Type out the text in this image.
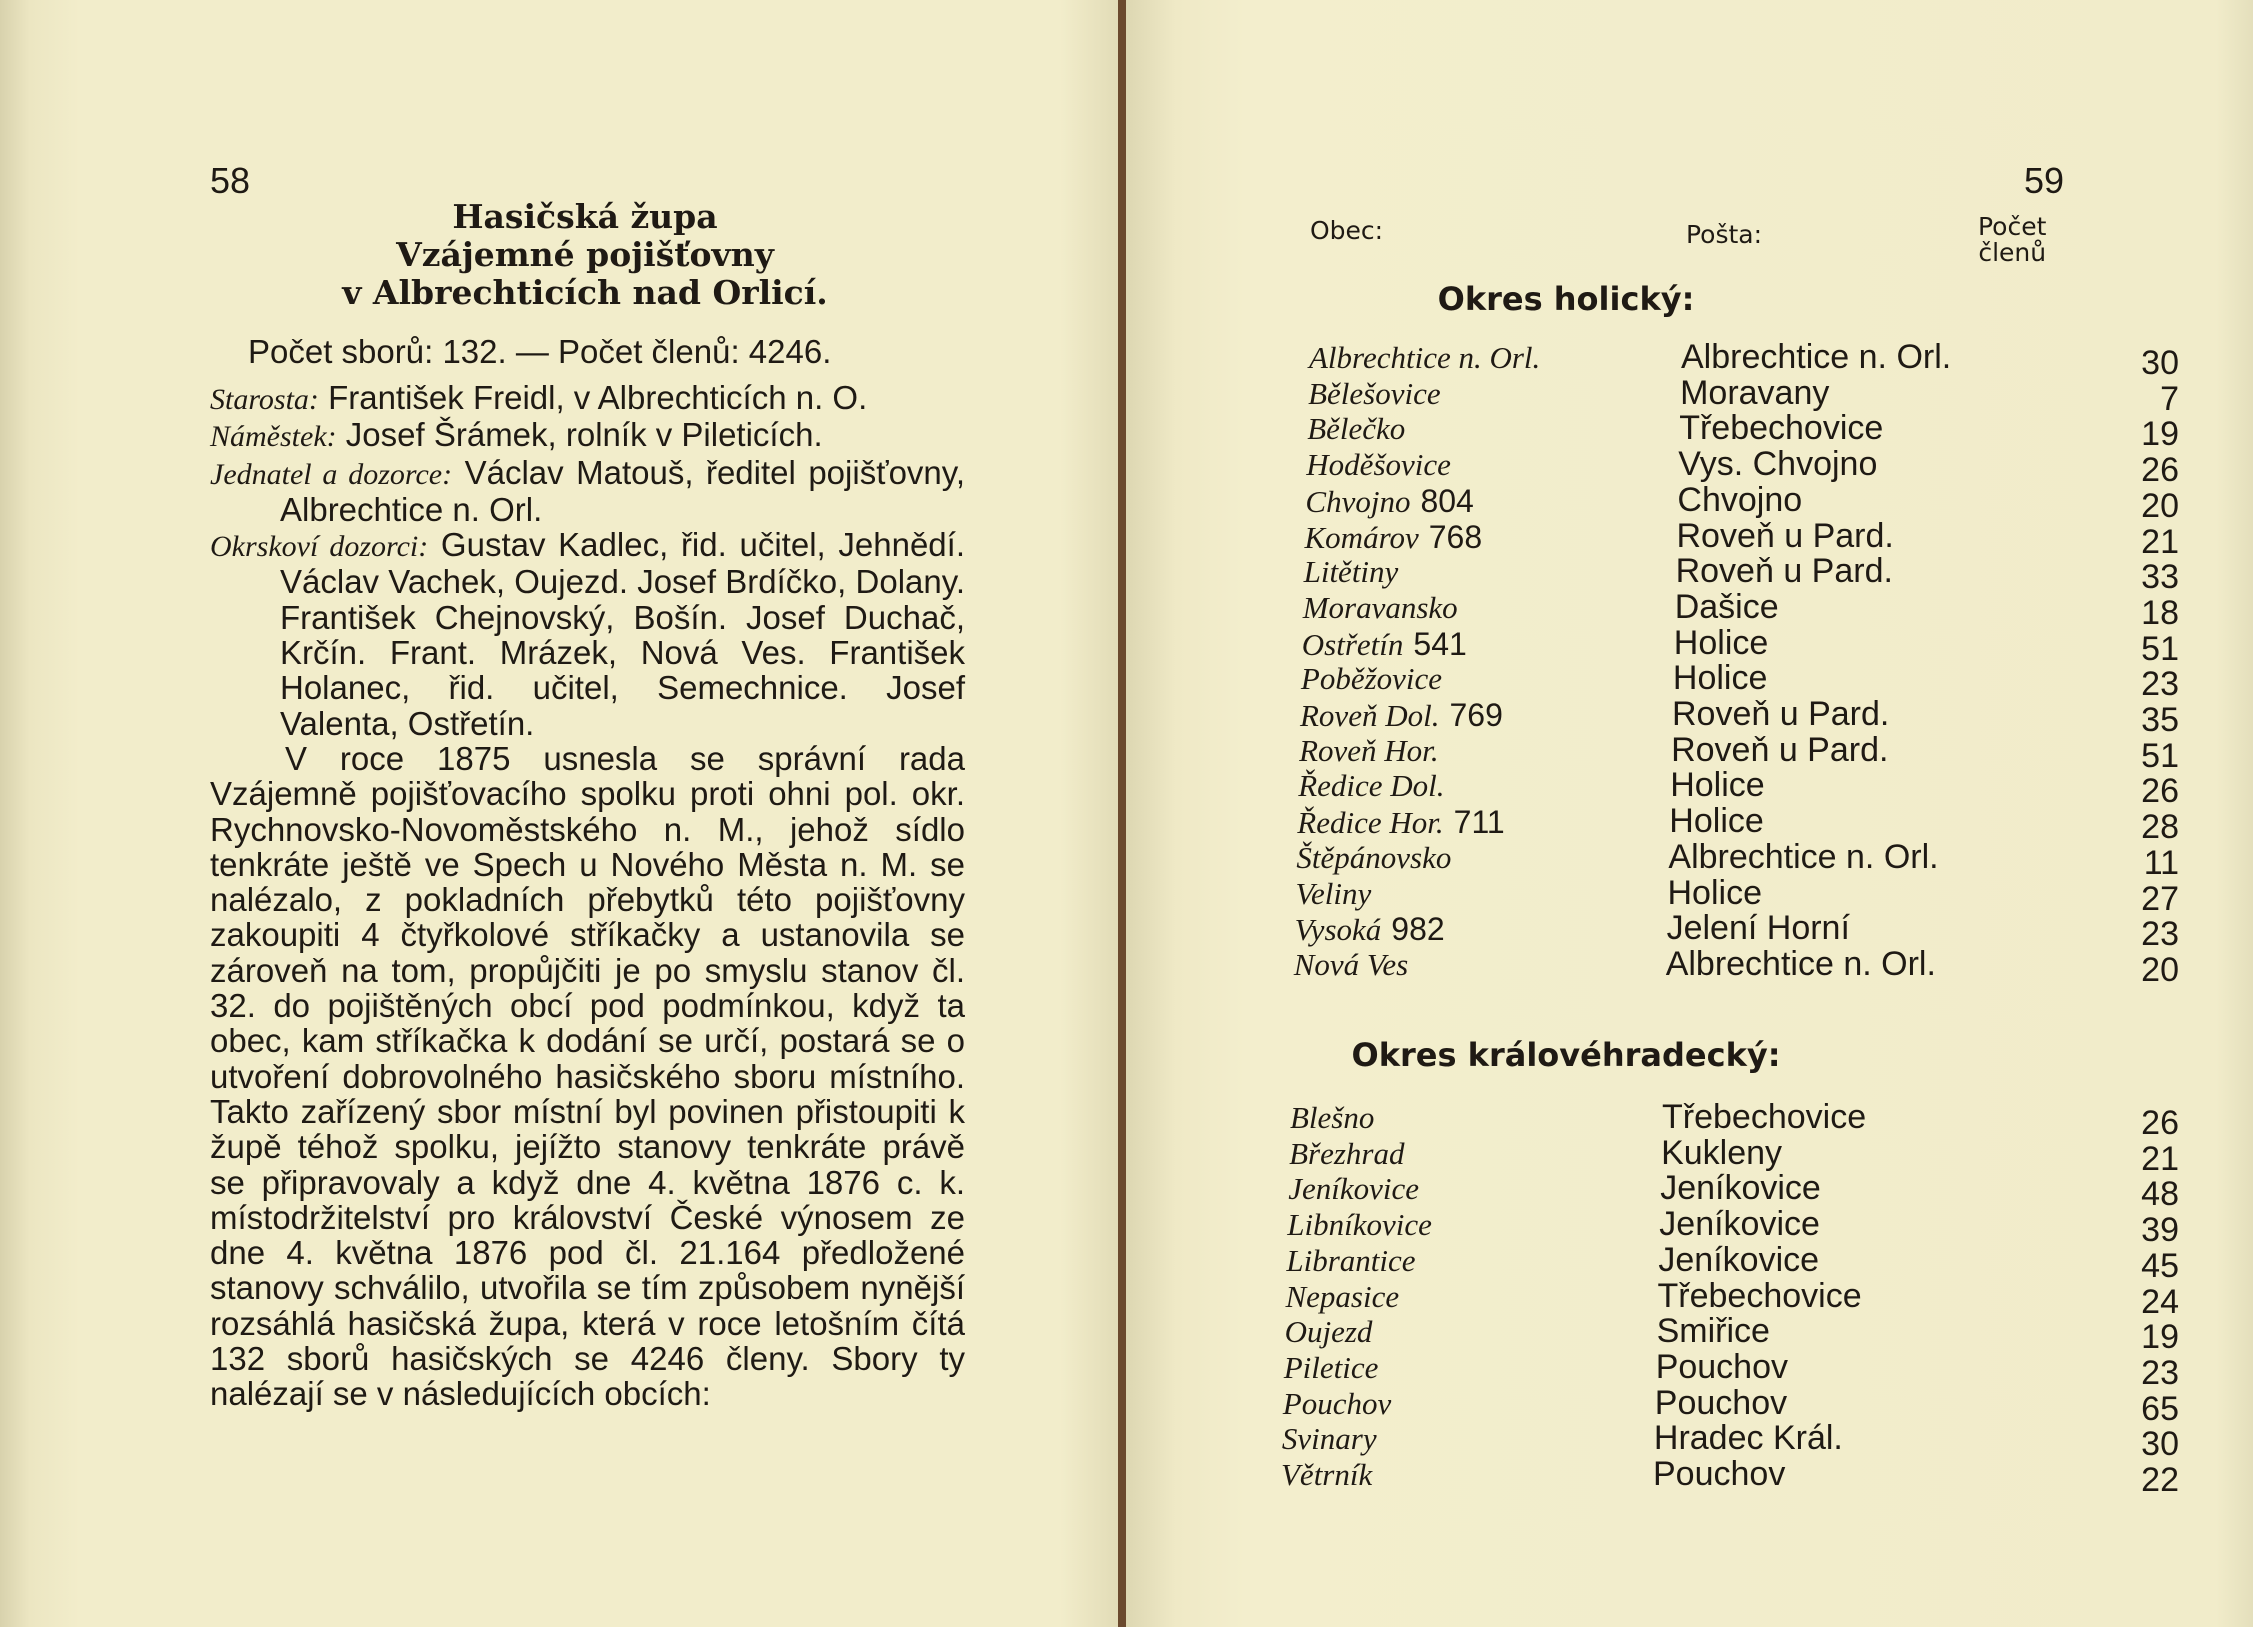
58
Hasičská župa
Vzájemné pojišťovny
v Albrechticích nad Orlicí.
Počet sborů: 132. — Počet členů: 4246.

Starosta: František Freidl, v Albrechticích n. O.

Náměstek: Josef Šrámek, rolník v Pileticích.

Jednatel a dozorce: Václav Matouš, ředitel pojišťovny, Albrechtice n. Orl.

Okrskoví dozorci: Gustav Kadlec, řid. učitel, Jehnědí. Václav Vachek, Oujezd. Josef Brdíčko, Dolany. František Chejnovský, Bošín. Josef Duchač, Krčín. Frant. Mrázek, Nová Ves. František Holanec, řid. učitel, Semechnice. Josef Valenta, Ostřetín.

V roce 1875 usnesla se správní rada Vzájemně pojišťovacího spolku proti ohni pol. okr. Rychnovsko-Novoměstského n. M., jehož sídlo tenkráte ještě ve Spech u Nového Města n. M. se nalézalo, z pokladních přebytků této pojišťovny zakoupiti 4 čtyřkolové stříkačky a ustanovila se zároveň na tom, propůjčiti je po smyslu stanov čl. 32. do pojištěných obcí pod podmínkou, když ta obec, kam stříkačka k dodání se určí, postará se o utvoření dobrovolného hasičského sboru místního. Takto zařízený sbor místní byl povinen přistoupiti k župě téhož spolku, jejížto stanovy tenkráte právě se připravovaly a když dne 4. května 1876 c. k. místodržitelství pro království České výnosem ze dne 4. května 1876 pod čl. 21.164 předložené stanovy schválilo, utvořila se tím způsobem nynější rozsáhlá hasičská župa, která v roce letošním čítá 132 sborů hasičských se 4246 členy. Sbory ty nalézají se v následujících obcích:

59
Obec:	Pošta:	Počet
členů
Okres holický:
Albrechtice n. Orl.	Albrechtice n. Orl.	30
Bělešovice	Moravany	7
Bělečko	Třebechovice	19
Hoděšovice	Vys. Chvojno	26
Chvojno 804	Chvojno	20
Komárov 768	Roveň u Pard.	21
Litětiny	Roveň u Pard.	33
Moravansko	Dašice	18
Ostřetín 541	Holice	51
Poběžovice	Holice	23
Roveň Dol. 769	Roveň u Pard.	35
Roveň Hor.	Roveň u Pard.	51
Ředice Dol.	Holice	26
Ředice Hor. 711	Holice	28
Štěpánovsko	Albrechtice n. Orl.	11
Veliny	Holice	27
Vysoká 982	Jelení Horní	23
Nová Ves	Albrechtice n. Orl.	20
Okres královéhradecký:
Blešno	Třebechovice	26
Březhrad	Kukleny	21
Jeníkovice	Jeníkovice	48
Libníkovice	Jeníkovice	39
Librantice	Jeníkovice	45
Nepasice	Třebechovice	24
Oujezd	Smiřice	19
Piletice	Pouchov	23
Pouchov	Pouchov	65
Svinary	Hradec Král.	30
Větrník	Pouchov	22
